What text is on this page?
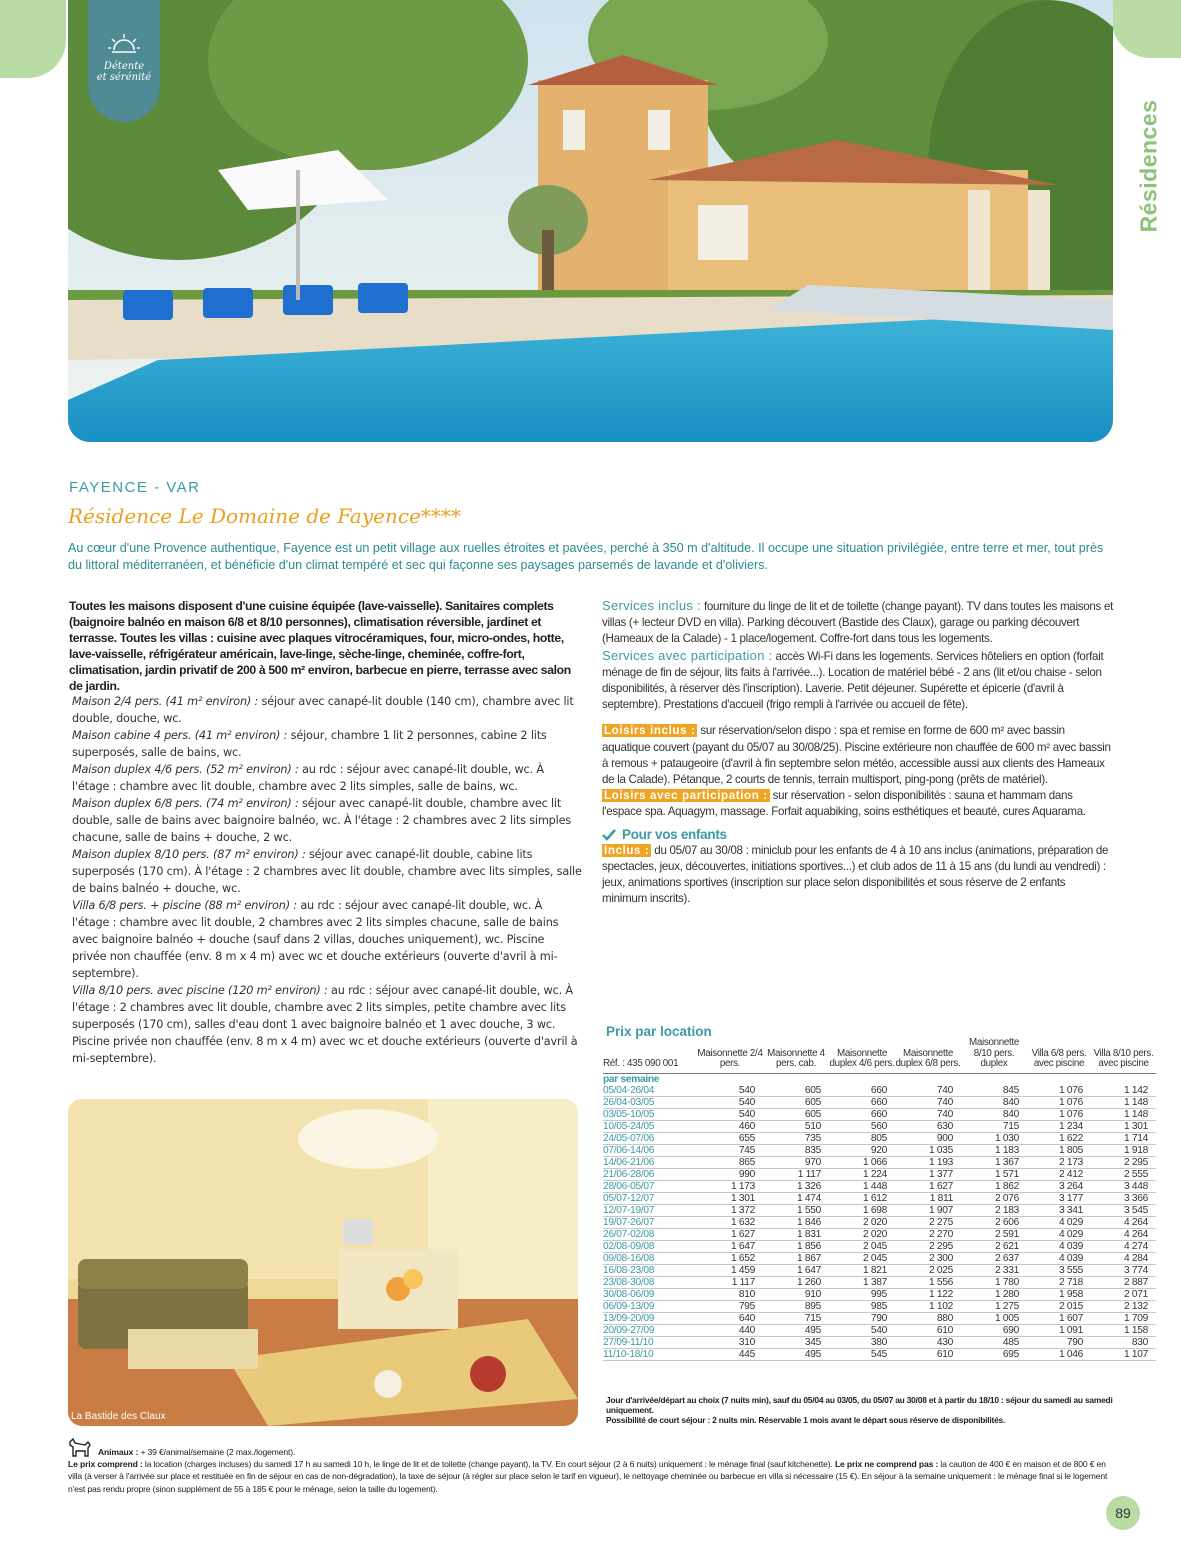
Détente
et sérénité
Résidences
FAYENCE - VAR
Résidence Le Domaine de Fayence****
Au cœur d'une Provence authentique, Fayence est un petit village aux ruelles étroites et pavées, perché à 350 m d'altitude. Il occupe une situation privilégiée, entre terre et mer, tout près du littoral méditerranéen, et bénéficie d'un climat tempéré et sec qui façonne ses paysages parsemés de lavande et d'oliviers.
Toutes les maisons disposent d'une cuisine équipée (lave-vaisselle). Sanitaires complets (baignoire balnéo en maison 6/8 et 8/10 personnes), climatisation réversible, jardinet et terrasse. Toutes les villas : cuisine avec plaques vitrocéramiques, four, micro-ondes, hotte, lave-vaisselle, réfrigérateur américain, lave-linge, sèche-linge, cheminée, coffre-fort, climatisation, jardin privatif de 200 à 500 m² environ, barbecue en pierre, terrasse avec salon de jardin.

Maison 2/4 pers. (41 m² environ) : séjour avec canapé-lit double (140 cm), chambre avec lit double, douche, wc.

Maison cabine 4 pers. (41 m² environ) : séjour, chambre 1 lit 2 personnes, cabine 2 lits superposés, salle de bains, wc.

Maison duplex 4/6 pers. (52 m² environ) : au rdc : séjour avec canapé-lit double, wc. À l'étage : chambre avec lit double, chambre avec 2 lits simples, salle de bains, wc.

Maison duplex 6/8 pers. (74 m² environ) : séjour avec canapé-lit double, chambre avec lit double, salle de bains avec baignoire balnéo, wc. À l'étage : 2 chambres avec 2 lits simples chacune, salle de bains + douche, 2 wc.

Maison duplex 8/10 pers. (87 m² environ) : séjour avec canapé-lit double, cabine lits superposés (170 cm). À l'étage : 2 chambres avec lit double, chambre avec lits simples, salle de bains balnéo + douche, wc.

Villa 6/8 pers. + piscine (88 m² environ) : au rdc : séjour avec canapé-lit double, wc. À l'étage : chambre avec lit double, 2 chambres avec 2 lits simples chacune, salle de bains avec baignoire balnéo + douche (sauf dans 2 villas, douches uniquement), wc. Piscine privée non chauffée (env. 8 m x 4 m) avec wc et douche extérieurs (ouverte d'avril à mi-septembre).

Villa 8/10 pers. avec piscine (120 m² environ) : au rdc : séjour avec canapé-lit double, wc. À l'étage : 2 chambres avec lit double, chambre avec 2 lits simples, petite chambre avec lits superposés (170 cm), salles d'eau dont 1 avec baignoire balnéo et 1 avec douche, 3 wc. Piscine privée non chauffée (env. 8 m x 4 m) avec wc et douche extérieurs (ouverte d'avril à mi-septembre).

La Bastide des Claux

Services inclus : fourniture du linge de lit et de toilette (change payant). TV dans toutes les maisons et villas (+ lecteur DVD en villa). Parking découvert (Bastide des Claux), garage ou parking découvert (Hameaux de la Calade) - 1 place/logement. Coffre-fort dans tous les logements.

Services avec participation : accès Wi-Fi dans les logements. Services hôteliers en option (forfait ménage de fin de séjour, lits faits à l'arrivée...). Location de matériel bébé - 2 ans (lit et/ou chaise - selon disponibilités, à réserver dès l'inscription). Laverie. Petit déjeuner. Supérette et épicerie (d'avril à septembre). Prestations d'accueil (frigo rempli à l'arrivée ou accueil de fête).

Loisirs inclus : sur réservation/selon dispo : spa et remise en forme de 600 m² avec bassin aquatique couvert (payant du 05/07 au 30/08/25). Piscine extérieure non chauffée de 600 m² avec bassin à remous + pataugeoire (d'avril à fin septembre selon météo, accessible aussi aux clients des Hameaux de la Calade). Pétanque, 2 courts de tennis, terrain multisport, ping-pong (prêts de matériel).

Loisirs avec participation : sur réservation - selon disponibilités : sauna et hammam dans l'espace spa. Aquagym, massage. Forfait aquabiking, soins esthétiques et beauté, cures Aquarama.

Pour vos enfants

Inclus : du 05/07 au 30/08 : miniclub pour les enfants de 4 à 10 ans inclus (animations, préparation de spectacles, jeux, découvertes, initiations sportives...) et club ados de 11 à 15 ans (du lundi au vendredi) : jeux, animations sportives (inscription sur place selon disponibilités et sous réserve de 2 enfants minimum inscrits).

Prix par location
Réf. : 435 090 001	Maisonnette 2/4 pers.	Maisonnette 4 pers. cab.	Maisonnette duplex 4/6 pers.	Maisonnette duplex 6/8 pers.	Maisonnette 8/10 pers. duplex	Villa 6/8 pers. avec piscine	Villa 8/10 pers. avec piscine
par semaine							
05/04-26/04	540	605	660	740	845	1 076	1 142
26/04-03/05	540	605	660	740	840	1 076	1 148
03/05-10/05	540	605	660	740	840	1 076	1 148
10/05-24/05	460	510	560	630	715	1 234	1 301
24/05-07/06	655	735	805	900	1 030	1 622	1 714
07/06-14/06	745	835	920	1 035	1 183	1 805	1 918
14/06-21/06	865	970	1 066	1 193	1 367	2 173	2 295
21/06-28/06	990	1 117	1 224	1 377	1 571	2 412	2 555
28/06-05/07	1 173	1 326	1 448	1 627	1 862	3 264	3 448
05/07-12/07	1 301	1 474	1 612	1 811	2 076	3 177	3 366
12/07-19/07	1 372	1 550	1 698	1 907	2 183	3 341	3 545
19/07-26/07	1 632	1 846	2 020	2 275	2 606	4 029	4 264
26/07-02/08	1 627	1 831	2 020	2 270	2 591	4 029	4 264
02/08-09/08	1 647	1 856	2 045	2 295	2 621	4 039	4 274
09/08-16/08	1 652	1 867	2 045	2 300	2 637	4 039	4 284
16/08-23/08	1 459	1 647	1 821	2 025	2 331	3 555	3 774
23/08-30/08	1 117	1 260	1 387	1 556	1 780	2 718	2 887
30/08-06/09	810	910	995	1 122	1 280	1 958	2 071
06/09-13/09	795	895	985	1 102	1 275	2 015	2 132
13/09-20/09	640	715	790	880	1 005	1 607	1 709
20/09-27/09	440	495	540	610	690	1 091	1 158
27/09-11/10	310	345	380	430	485	790	830
11/10-18/10	445	495	545	610	695	1 046	1 107
Jour d'arrivée/départ au choix (7 nuits min), sauf du 05/04 au 03/05, du 05/07 au 30/08 et à partir du 18/10 : séjour du samedi au samedi uniquement.
Possibilité de court séjour : 2 nuits min. Réservable 1 mois avant le départ sous réserve de disponibilités.
Animaux : + 39 €/animal/semaine (2 max./logement).
Le prix comprend : la location (charges incluses) du samedi 17 h au samedi 10 h, le linge de lit et de toilette (change payant), la TV. En court séjour (2 à 6 nuits) uniquement : le ménage final (sauf kitchenette). Le prix ne comprend pas : la caution de 400 € en maison et de 800 € en villa (à verser à l'arrivée sur place et restituée en fin de séjour en cas de non-dégradation), la taxe de séjour (à régler sur place selon le tarif en vigueur), le nettoyage cheminée ou barbecue en villa si nécessaire (15 €). En séjour à la semaine uniquement : le ménage final si le logement n'est pas rendu propre (sinon supplément de 55 à 185 € pour le ménage, selon la taille du logement).
89
